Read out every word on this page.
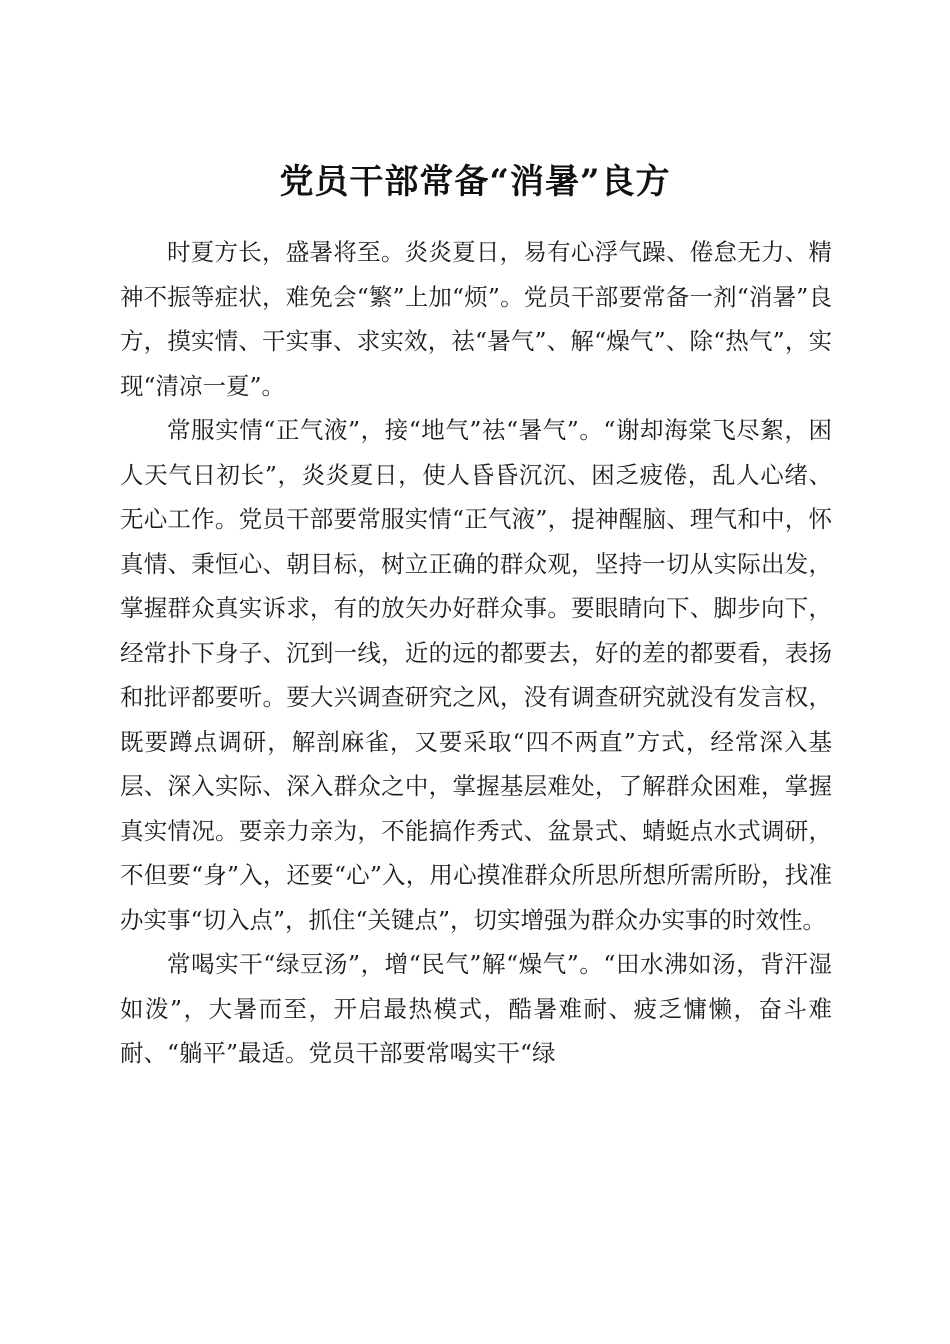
党员干部常备“消暑”良方

时夏方长，盛暑将至。炎炎夏日，易有心浮气躁、倦怠无力、精神不振等症状，难免会“繁”上加“烦”。党员干部要常备一剂“消暑”良方，摸实情、干实事、求实效，祛“暑气”、解“燥气”、除“热气”，实现“清凉一夏”。

常服实情“正气液”，接“地气”祛“暑气”。“谢却海棠飞尽絮，困人天气日初长”，炎炎夏日，使人昏昏沉沉、困乏疲倦，乱人心绪、无心工作。党员干部要常服实情“正气液”，提神醒脑、理气和中，怀真情、秉恒心、朝目标，树立正确的群众观，坚持一切从实际出发，掌握群众真实诉求，有的放矢办好群众事。要眼睛向下、脚步向下，经常扑下身子、沉到一线，近的远的都要去，好的差的都要看，表扬和批评都要听。要大兴调查研究之风，没有调查研究就没有发言权，既要蹲点调研，解剖麻雀，又要采取“四不两直”方式，经常深入基层、深入实际、深入群众之中，掌握基层难处，了解群众困难，掌握真实情况。要亲力亲为，不能搞作秀式、盆景式、蜻蜓点水式调研，不但要“身”入，还要“心”入，用心摸准群众所思所想所需所盼，找准办实事“切入点”，抓住“关键点”，切实增强为群众办实事的时效性。

常喝实干“绿豆汤”，增“民气”解“燥气”。“田水沸如汤，背汗湿如泼”，大暑而至，开启最热模式，酷暑难耐、疲乏慵懒，奋斗难耐、“躺平”最适。党员干部要常喝实干“绿
